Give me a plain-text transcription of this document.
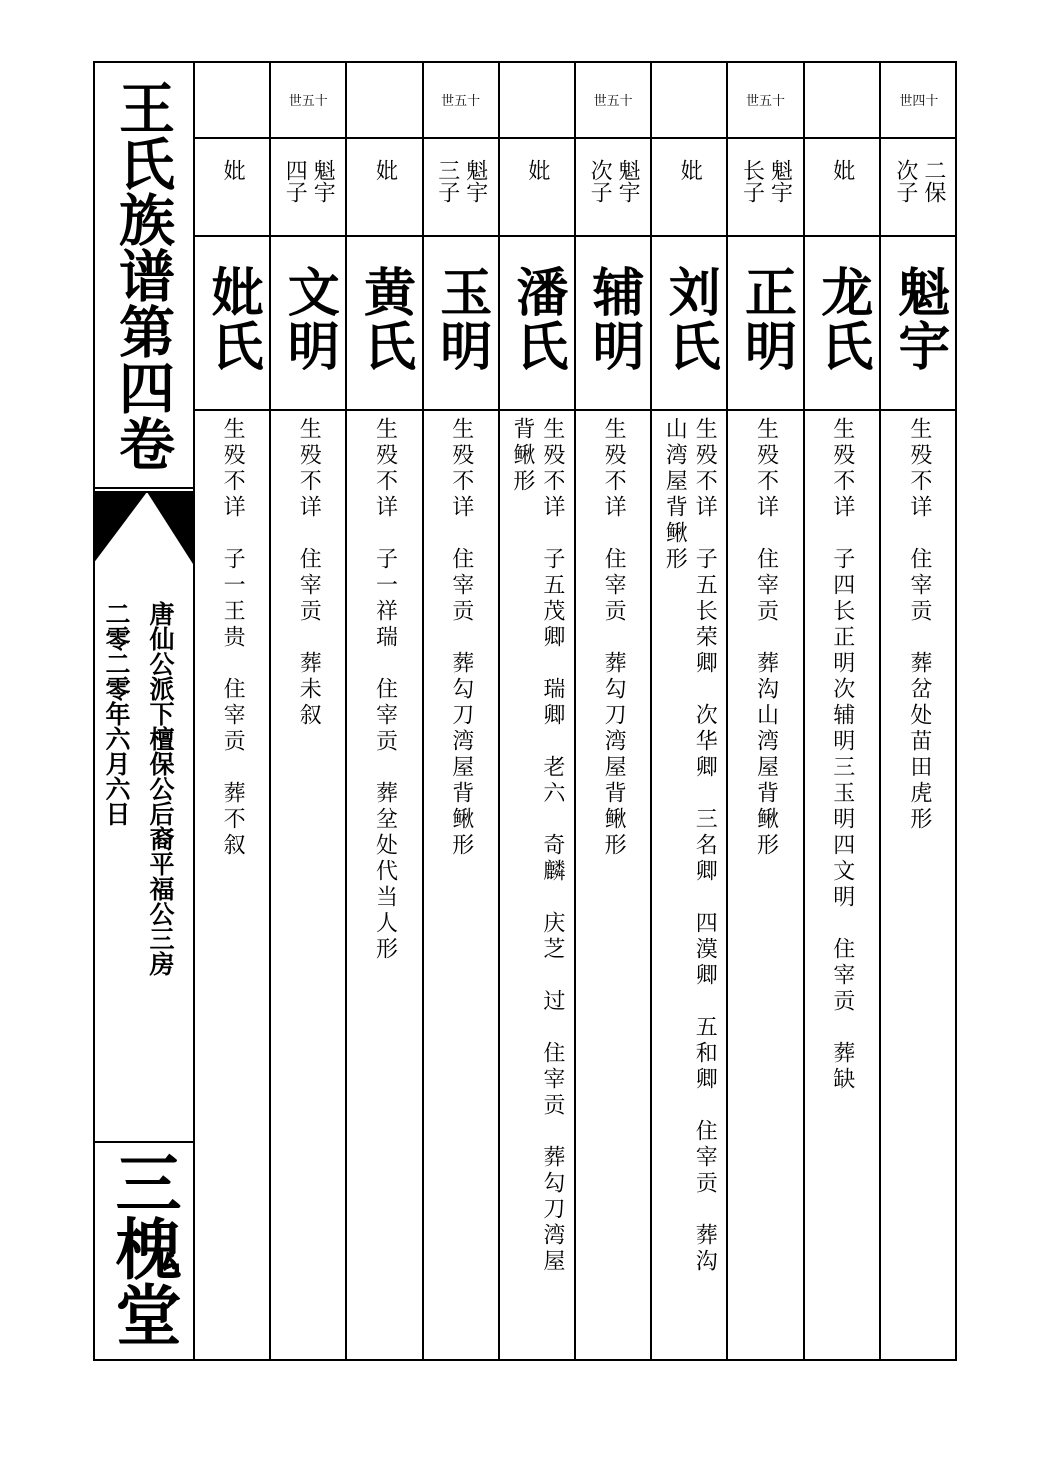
王氏族谱第四卷
唐仙公派下檀保公后裔平福公三房
二零二零年六月六日
三槐堂
世四十
二保
次子
魁宇
生殁不详　住宰贡　葬岔处苗田虎形
妣
龙氏
生殁不详　子四长正明次辅明三玉明四文明　住宰贡　葬缺
世五十
魁宇
长子
正明
生殁不详　住宰贡　葬沟山湾屋背鳅形
妣
刘氏
生殁不详　子五长荣卿　次华卿　三名卿　四漠卿　五和卿　住宰贡　葬沟
山湾屋背鳅形
世五十
魁宇
次子
辅明
生殁不详　住宰贡　葬勾刀湾屋背鳅形
妣
潘氏
生殁不详　子五茂卿　瑞卿　老六　奇麟　庆芝　过　住宰贡　葬勾刀湾屋
背鳅形
世五十
魁宇
三子
玉明
生殁不详　住宰贡　葬勾刀湾屋背鳅形
妣
黄氏
生殁不详　子一祥瑞　住宰贡　葬坌处代当人形
世五十
魁宇
四子
文明
生殁不详　住宰贡　葬未叙
妣
妣氏
生殁不详　子一王贵　住宰贡　葬不叙
